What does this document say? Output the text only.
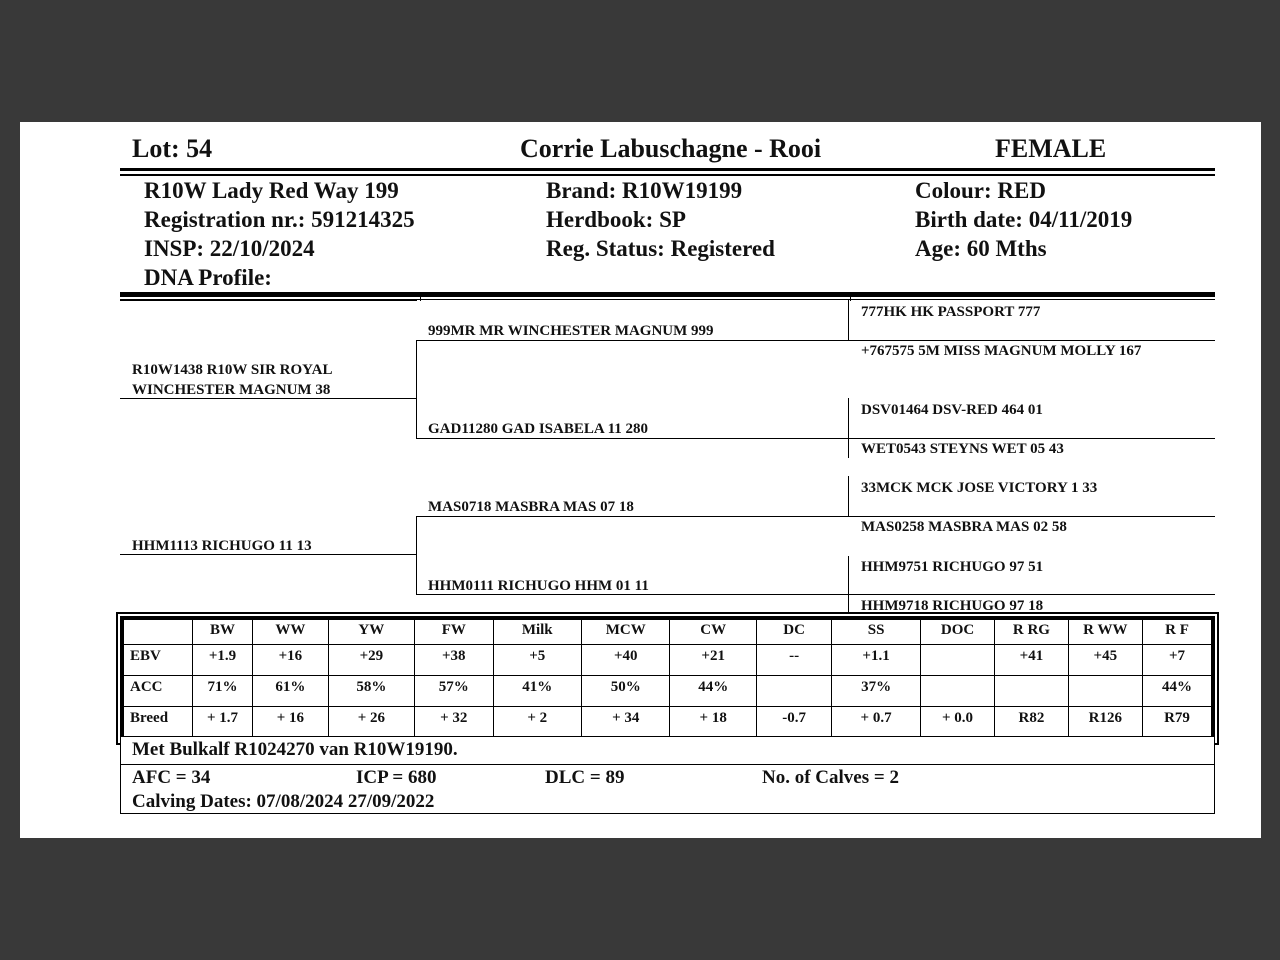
Lot: 54	Corrie Labuschagne - Rooi	FEMALE
R10W Lady Red Way 199
Registration nr.: 591214325
INSP: 22/10/2024
DNA Profile:
Brand: R10W19199
Herdbook: SP
Reg. Status: Registered
Colour: RED
Birth date: 04/11/2019
Age: 60 Mths
R10W1438 R10W SIR ROYAL
WINCHESTER MAGNUM 38
HHM1113 RICHUGO 11 13
999MR MR WINCHESTER MAGNUM 999
GAD11280 GAD ISABELA 11 280
MAS0718 MASBRA MAS 07 18
HHM0111 RICHUGO HHM 01 11
777HK HK PASSPORT 777
+767575 5M MISS MAGNUM MOLLY 167
DSV01464 DSV-RED 464 01
WET0543 STEYNS WET 05 43
33MCK MCK JOSE VICTORY 1 33
MAS0258 MASBRA MAS 02 58
HHM9751 RICHUGO 97 51
HHM9718 RICHUGO 97 18
	BW	WW	YW	FW	Milk	MCW	CW	DC	SS	DOC	R RG	R WW	R F
EBV	+1.9	+16	+29	+38	+5	+40	+21	--	+1.1		+41	+45	+7
ACC	71%	61%	58%	57%	41%	50%	44%		37%				44%
Breed	+ 1.7	+ 16	+ 26	+ 32	+ 2	+ 34	+ 18	-0.7	+ 0.7	+ 0.0	R82	R126	R79
Met Bulkalf R1024270 van R10W19190.
AFC = 34	ICP = 680	DLC = 89	No. of Calves = 2
Calving Dates: 07/08/2024 27/09/2022
